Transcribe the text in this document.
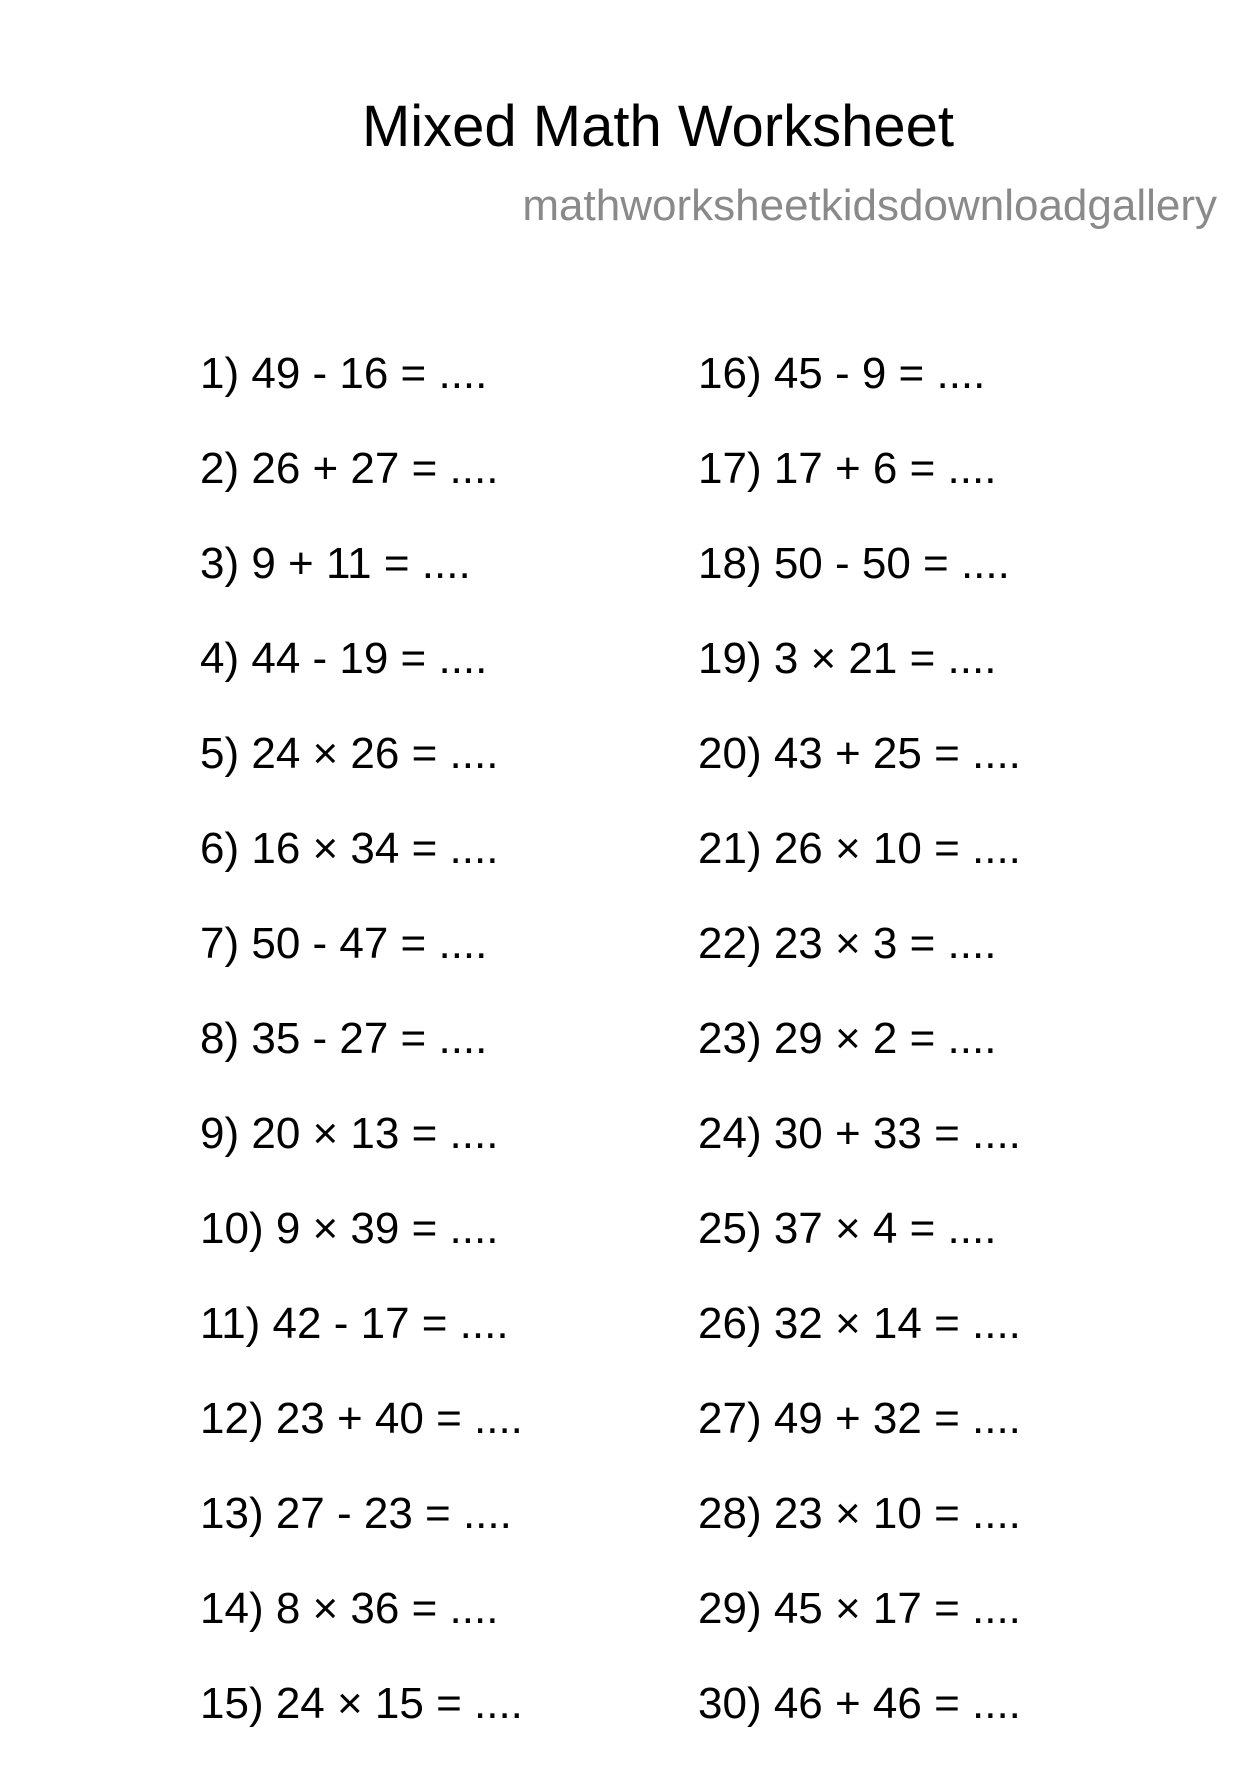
Mixed Math Worksheet
mathworksheetkidsdownloadgallery
1) 49 - 16 = ....
2) 26 + 27 = ....
3) 9 + 11 = ....
4) 44 - 19 = ....
5) 24 × 26 = ....
6) 16 × 34 = ....
7) 50 - 47 = ....
8) 35 - 27 = ....
9) 20 × 13 = ....
10) 9 × 39 = ....
11) 42 - 17 = ....
12) 23 + 40 = ....
13) 27 - 23 = ....
14) 8 × 36 = ....
15) 24 × 15 = ....
16) 45 - 9 = ....
17) 17 + 6 = ....
18) 50 - 50 = ....
19) 3 × 21 = ....
20) 43 + 25 = ....
21) 26 × 10 = ....
22) 23 × 3 = ....
23) 29 × 2 = ....
24) 30 + 33 = ....
25) 37 × 4 = ....
26) 32 × 14 = ....
27) 49 + 32 = ....
28) 23 × 10 = ....
29) 45 × 17 = ....
30) 46 + 46 = ....
